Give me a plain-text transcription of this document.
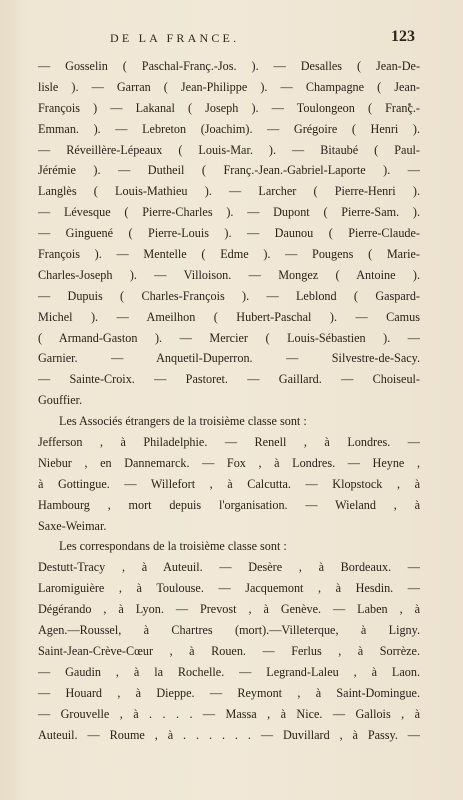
DE LA FRANCE.	123
— Gosselin ( Paschal-Franç.-Jos. ). — Desalles ( Jean-De-
lisle ). — Garran ( Jean-Philippe ). — Champagne ( Jean-
François ) — Lakanal ( Joseph ). — Toulongeon ( Franç.-
Emman. ). — Lebreton (Joachim). — Grégoire ( Henri ).
— Réveillère-Lépeaux ( Louis-Mar. ). — Bitaubé ( Paul-
Jérémie ). — Dutheil ( Franç.-Jean.-Gabriel-Laporte ). —
Langlès ( Louis-Mathieu ). — Larcher ( Pierre-Henri ).
— Lévesque ( Pierre-Charles ). — Dupont ( Pierre-Sam. ).
— Ginguené ( Pierre-Louis ). — Daunou ( Pierre-Claude-
François ). — Mentelle ( Edme ). — Pougens ( Marie-
Charles-Joseph ). — Villoison. — Mongez ( Antoine ).
— Dupuis ( Charles-François ). — Leblond ( Gaspard-
Michel ). — Ameilhon ( Hubert-Paschal ). — Camus
( Armand-Gaston ). — Mercier ( Louis-Sébastien ). —
Garnier. — Anquetil-Duperron. — Silvestre-de-Sacy.
— Sainte-Croix. — Pastoret. — Gaillard. — Choiseul-
Gouffier.
Les Associés étrangers de la troisième classe sont :
Jefferson , à Philadelphie. — Renell , à Londres. —
Niebur , en Dannemarck. — Fox , à Londres. — Heyne ,
à Gottingue. — Willefort , à Calcutta. — Klopstock , à
Hambourg , mort depuis l'organisation. — Wieland , à
Saxe-Weimar.
Les correspondans de la troisième classe sont :
Destutt-Tracy , à Auteuil. — Desère , à Bordeaux. —
Laromiguière , à Toulouse. — Jacquemont , à Hesdin. —
Dégérando , à Lyon. — Prevost , à Genève. — Laben , à
Agen.—Roussel, à Chartres (mort).—Villeterque, à Ligny.
Saint-Jean-Crève-Cœur , à Rouen. — Ferlus , à Sorrèze.
— Gaudin , à la Rochelle. — Legrand-Laleu , à Laon.
— Houard , à Dieppe. — Reymont , à Saint-Domingue.
— Grouvelle , à . . . . — Massa , à Nice. — Gallois , à
Auteuil. — Roume , à . . . . . . — Duvillard , à Passy. —
